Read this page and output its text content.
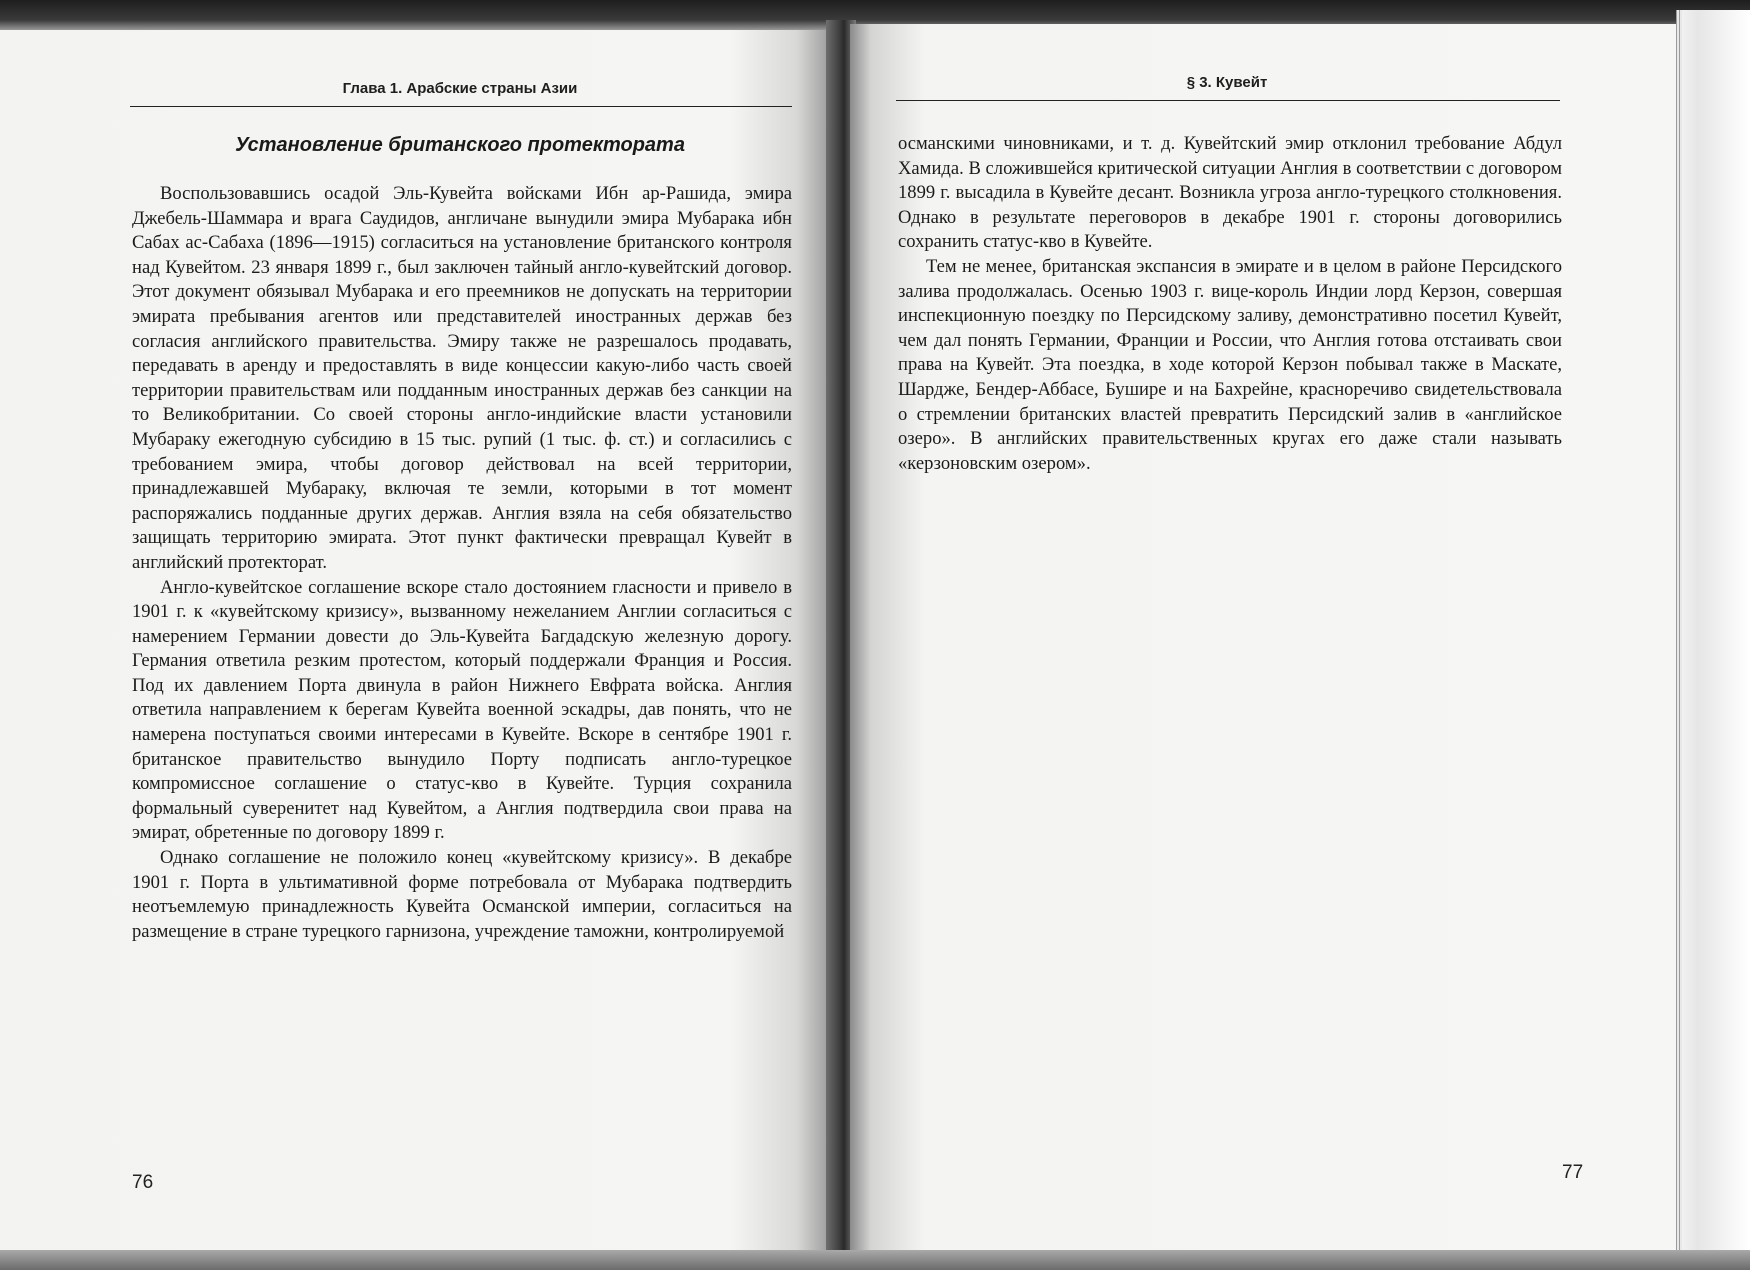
Глава 1. Арабские страны Азии
Установление британского протектората

Воспользовавшись осадой Эль-Кувейта войсками Ибн ар-Рашида, эмира Джебель-Шаммара и врага Саудидов, англичане вынудили эмира Мубарака ибн Сабах ас-Сабаха (1896—1915) согласиться на установление британского контроля над Кувейтом. 23 января 1899 г., был заключен тайный англо-кувейтский договор. Этот документ обязывал Мубарака и его преемников не допускать на территории эмирата пребывания агентов или представителей иностранных держав без согласия английского правительства. Эмиру также не разрешалось продавать, передавать в аренду и предоставлять в виде концессии какую-либо часть своей территории правительствам или подданным иностранных держав без санкции на то Великобритании. Со своей стороны англо-индийские власти установили Мубараку ежегодную субсидию в 15 тыс. рупий (1 тыс. ф. ст.) и согласились с требованием эмира, чтобы договор действовал на всей территории, принадлежавшей Мубараку, включая те земли, которыми в тот момент распоряжались подданные других держав. Англия взяла на себя обязательство защищать территорию эмирата. Этот пункт фактически превращал Кувейт в английский протекторат.

Англо-кувейтское соглашение вскоре стало достоянием гласности и привело в 1901 г. к «кувейтскому кризису», вызванному нежеланием Англии согласиться с намерением Германии довести до Эль-Кувейта Багдадскую железную дорогу. Германия ответила резким протестом, который поддержали Франция и Россия. Под их давлением Порта двинула в район Нижнего Евфрата войска. Англия ответила направлением к берегам Кувейта военной эскадры, дав понять, что не намерена поступаться своими интересами в Кувейте. Вскоре в сентябре 1901 г. британское правительство вынудило Порту подписать англо-турецкое компромиссное соглашение о статус-кво в Кувейте. Турция сохранила формальный суверенитет над Кувейтом, а Англия подтвердила свои права на эмират, обретенные по договору 1899 г.

Однако соглашение не положило конец «кувейтскому кризису». В декабре 1901 г. Порта в ультимативной форме потребовала от Мубарака подтвердить неотъемлемую принадлежность Кувейта Османской империи, согласиться на размещение в стране турецкого гарнизона, учреждение таможни, контролируемой

76
§ 3. Кувейт

османскими чиновниками, и т. д. Кувейтский эмир отклонил требование Абдул Хамида. В сложившейся критической ситуации Англия в соответствии с договором 1899 г. высадила в Кувейте десант. Возникла угроза англо-турецкого столкновения. Однако в результате переговоров в декабре 1901 г. стороны договорились сохранить статус-кво в Кувейте.

Тем не менее, британская экспансия в эмирате и в целом в районе Персидского залива продолжалась. Осенью 1903 г. вице-король Индии лорд Керзон, совершая инспекционную поездку по Персидскому заливу, демонстративно посетил Кувейт, чем дал понять Германии, Франции и России, что Англия готова отстаивать свои права на Кувейт. Эта поездка, в ходе которой Керзон побывал также в Маскате, Шардже, Бендер-Аббасе, Бушире и на Бахрейне, красноречиво свидетельствовала о стремлении британских властей превратить Персидский залив в «английское озеро». В английских правительственных кругах его даже стали называть «керзоновским озером».

77
